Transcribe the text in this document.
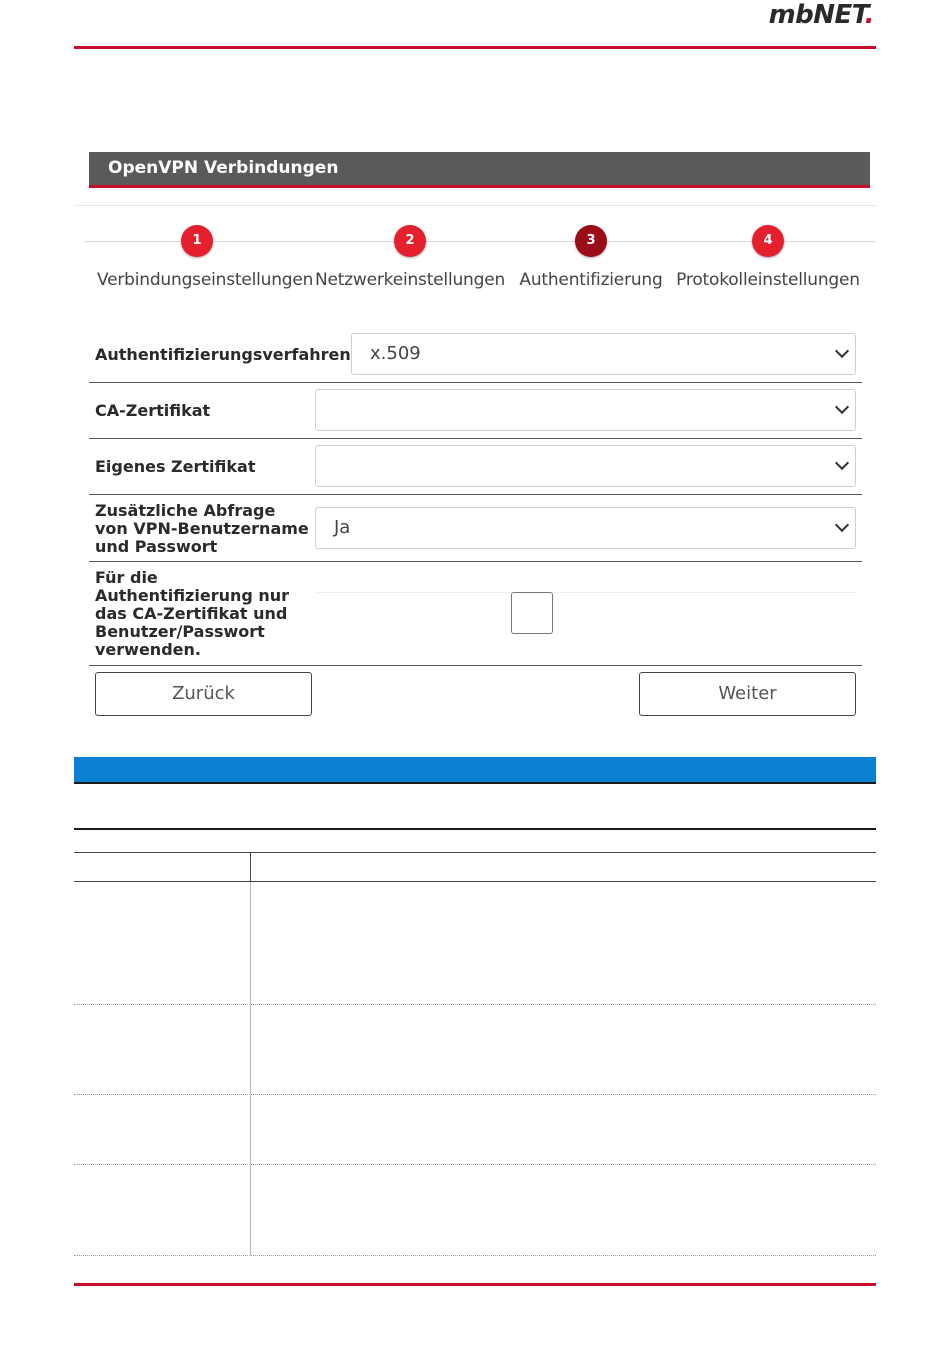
mbNET.
OpenVPN Verbindungen
1
Verbindungseinstellungen
2
Netzwerkeinstellungen
3
Authentifizierung
4
Protokolleinstellungen
Authentifizierungsverfahren	x.509
CA-Zertifikat
Eigenes Zertifikat
Zusätzliche Abfrage
von VPN-Benutzername
und Passwort
Ja
Für die
Authentifizierung nur
das CA-Zertifikat und
Benutzer/Passwort
verwenden.
Zurück	Weiter
